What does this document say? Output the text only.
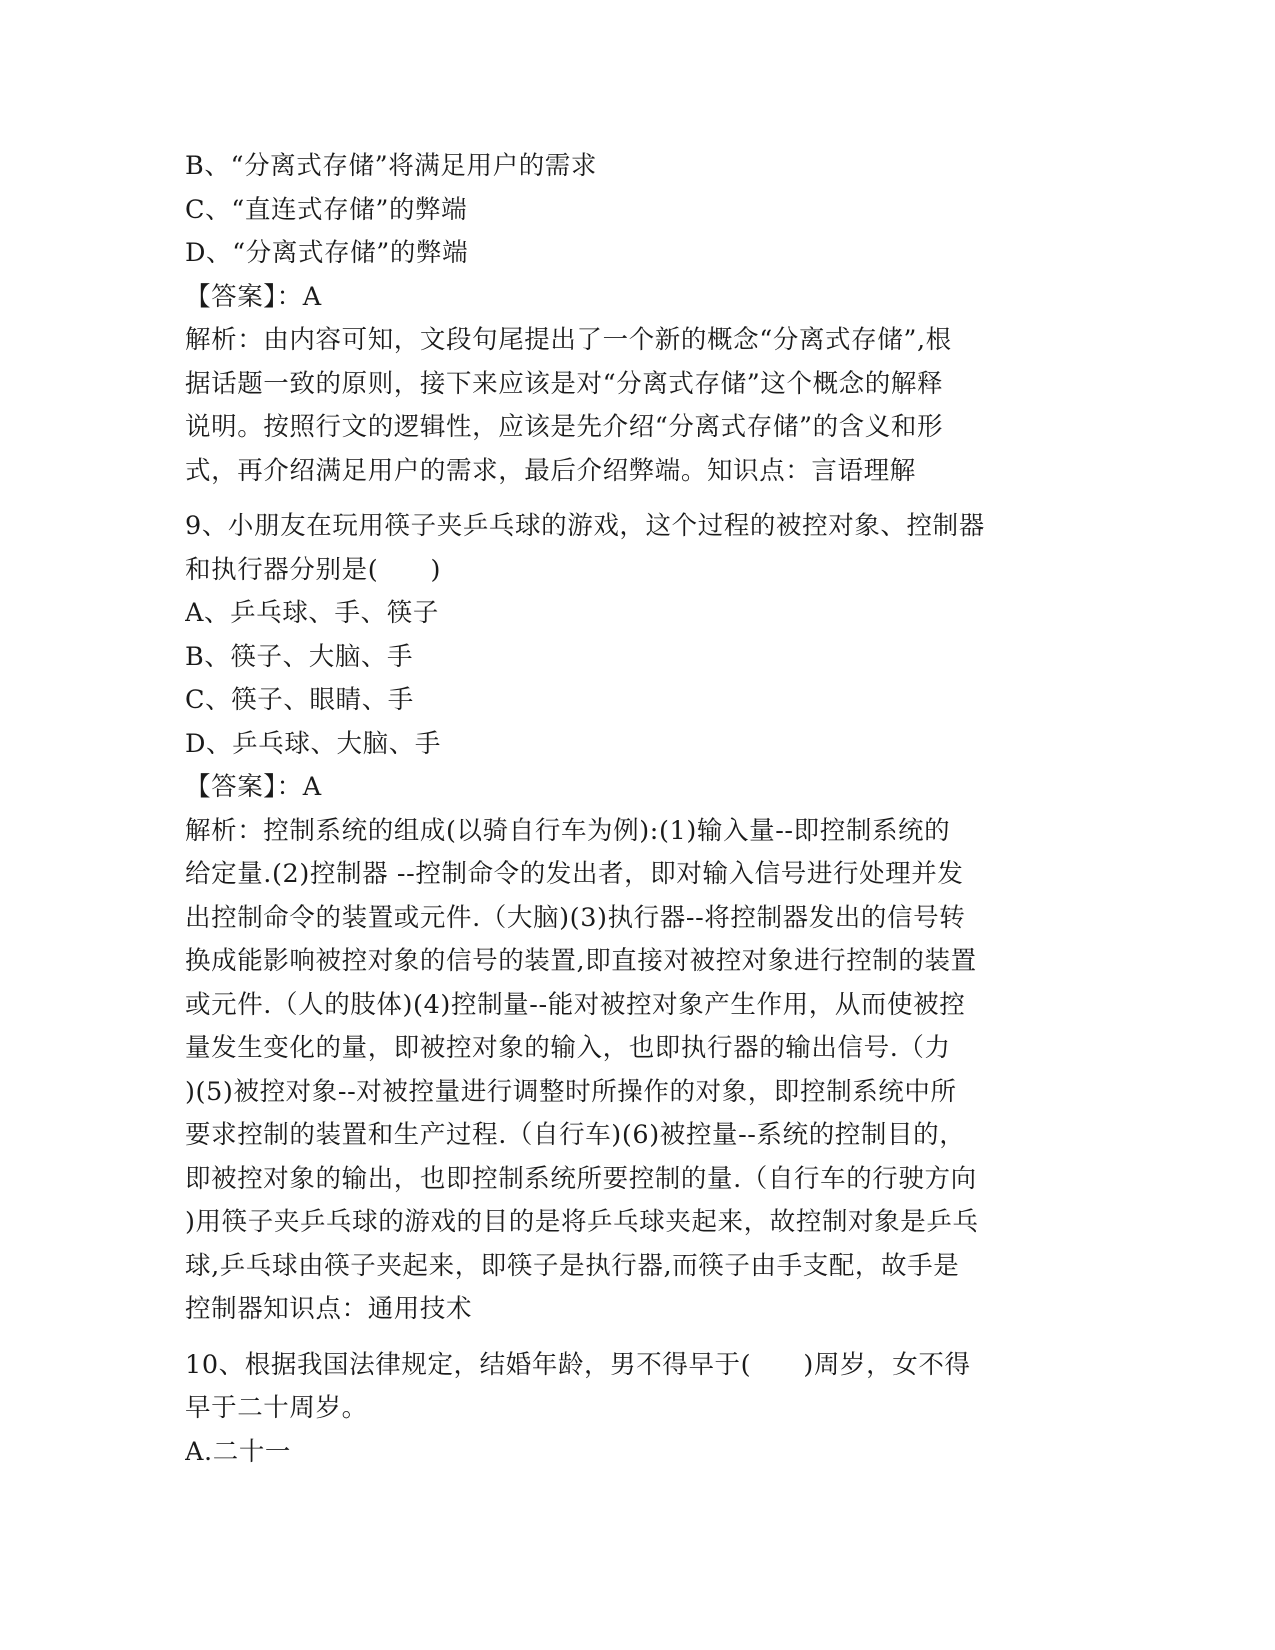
B、“分离式存储”将满足用户的需求
C、“直连式存储”的弊端
D、“分离式存储”的弊端
【答案】：A
解析：由内容可知，文段句尾提出了一个新的概念“分离式存储”,根
据话题一致的原则，接下来应该是对“分离式存储”这个概念的解释
说明。按照行文的逻辑性，应该是先介绍“分离式存储”的含义和形
式，再介绍满足用户的需求，最后介绍弊端。知识点：言语理解
9、小朋友在玩用筷子夹乒乓球的游戏，这个过程的被控对象、控制器
和执行器分别是(　　)
A、乒乓球、手、筷子
B、筷子、大脑、手
C、筷子、眼睛、手
D、乒乓球、大脑、手
【答案】：A
解析：控制系统的组成(以骑自行车为例):(1)输入量--即控制系统的
给定量.(2)控制器 --控制命令的发出者，即对输入信号进行处理并发
出控制命令的装置或元件.（大脑)(3)执行器--将控制器发出的信号转
换成能影响被控对象的信号的装置,即直接对被控对象进行控制的装置
或元件.（人的肢体)(4)控制量--能对被控对象产生作用，从而使被控
量发生变化的量，即被控对象的输入，也即执行器的输出信号.（力
)(5)被控对象--对被控量进行调整时所操作的对象，即控制系统中所
要求控制的装置和生产过程.（自行车)(6)被控量--系统的控制目的，
即被控对象的输出，也即控制系统所要控制的量.（自行车的行驶方向
)用筷子夹乒乓球的游戏的目的是将乒乓球夹起来，故控制对象是乒乓
球,乒乓球由筷子夹起来，即筷子是执行器,而筷子由手支配，故手是
控制器知识点：通用技术
10、根据我国法律规定，结婚年龄，男不得早于(　　)周岁，女不得
早于二十周岁。
A.二十一
